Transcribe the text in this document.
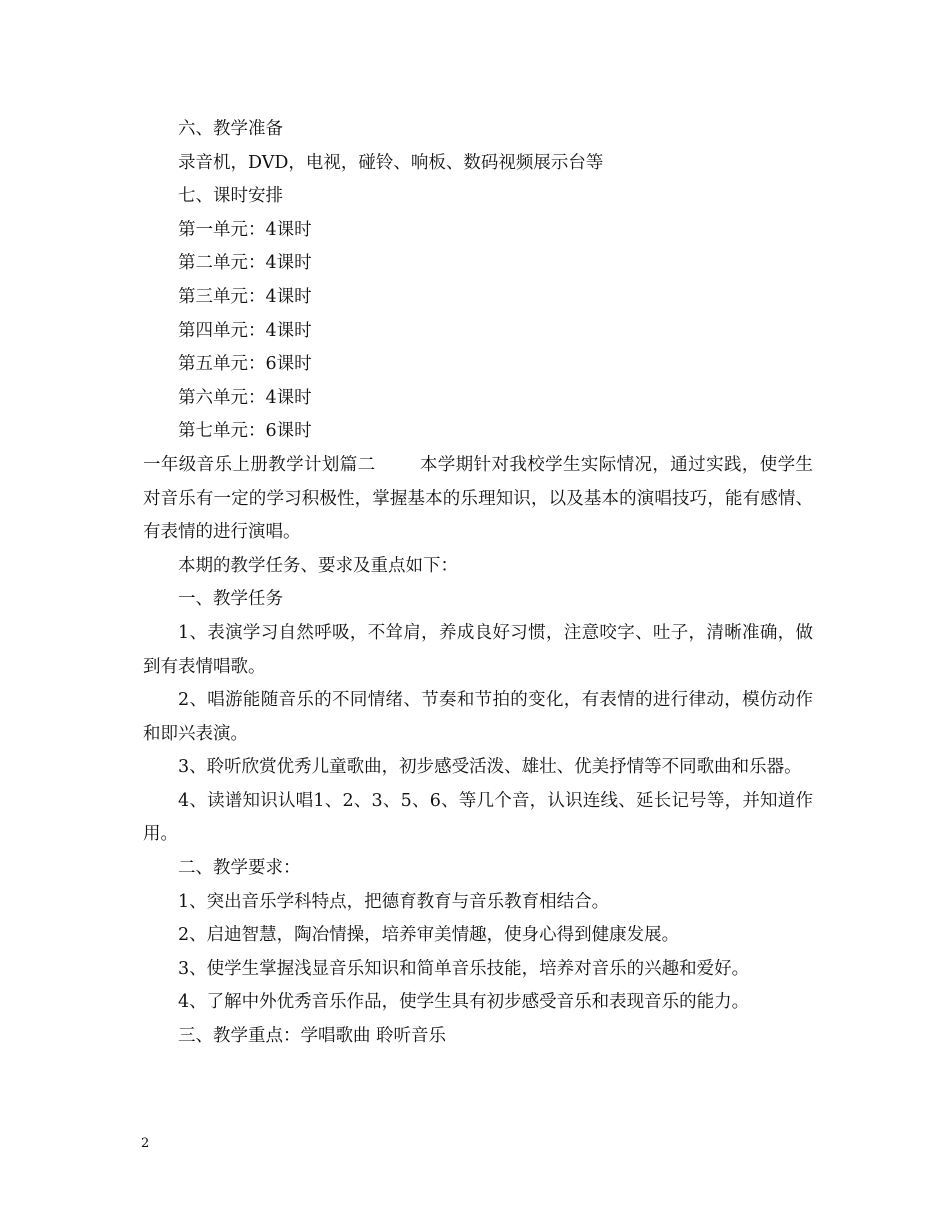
六、教学准备

录音机，DVD，电视，碰铃、响板、数码视频展示台等

七、课时安排

第一单元：4课时

第二单元：4课时

第三单元：4课时

第四单元：4课时

第五单元：6课时

第六单元：4课时

第七单元：6课时

一年级音乐上册教学计划篇二	本学期针对我校学生实际情况，通过实践，使学生对音乐有一定的学习积极性，掌握基本的乐理知识，以及基本的演唱技巧，能有感情、有表情的进行演唱。

本期的教学任务、要求及重点如下：

一、教学任务

1、表演学习自然呼吸，不耸肩，养成良好习惯，注意咬字、吐子，清晰准确，做到有表情唱歌。

2、唱游能随音乐的不同情绪、节奏和节拍的变化，有表情的进行律动，模仿动作和即兴表演。

3、聆听欣赏优秀儿童歌曲，初步感受活泼、雄壮、优美抒情等不同歌曲和乐器。

4、读谱知识认唱1、2、3、5、6、等几个音，认识连线、延长记号等，并知道作用。

二、教学要求：

1、突出音乐学科特点，把德育教育与音乐教育相结合。

2、启迪智慧，陶冶情操，培养审美情趣，使身心得到健康发展。

3、使学生掌握浅显音乐知识和简单音乐技能，培养对音乐的兴趣和爱好。

4、了解中外优秀音乐作品，使学生具有初步感受音乐和表现音乐的能力。

三、教学重点：学唱歌曲 聆听音乐

2
